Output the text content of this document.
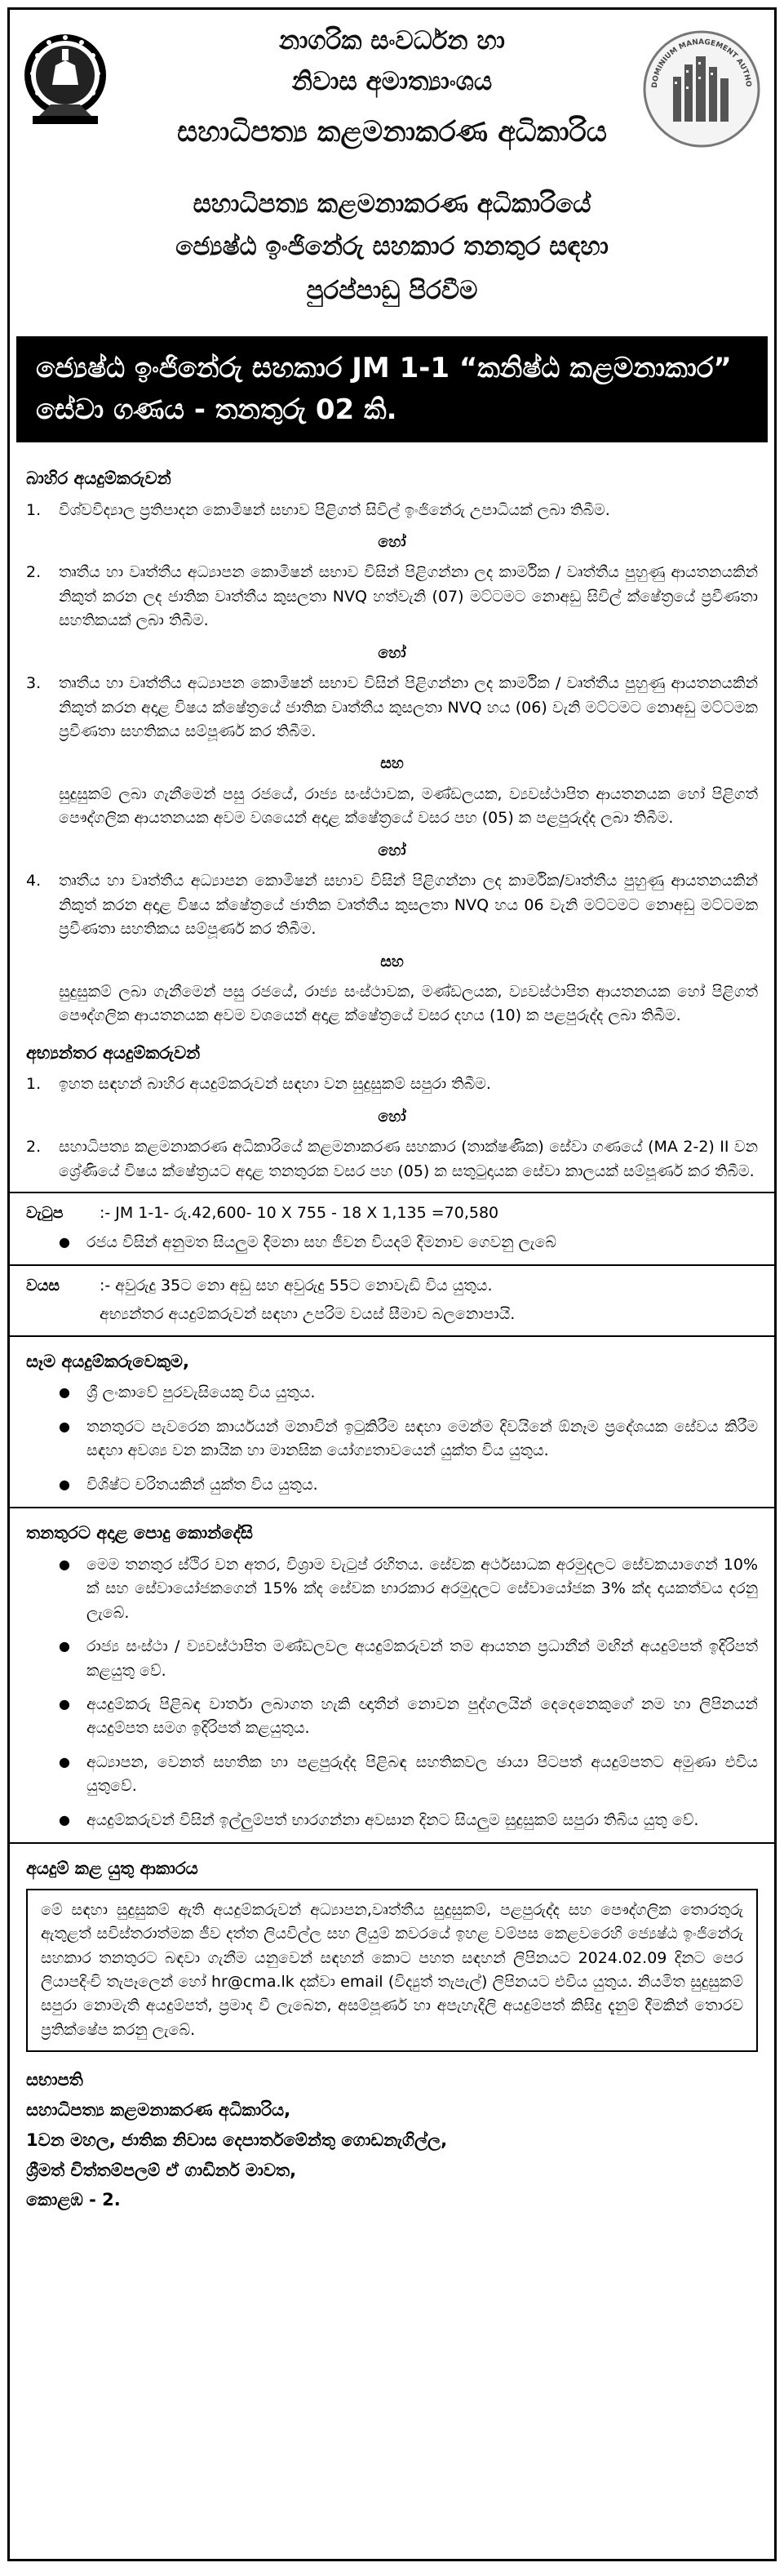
නාගරික සංවර්ධන හා
නිවාස අමාත්‍යාංශය
සහාධිපත්‍ය කළමනාකරණ අධිකාරිය
DOMINIUM MANAGEMENT AUTHO
සහාධිපත්‍ය කළමනාකරණ අධිකාරියේ
ජ්‍යෙෂ්ඨ ඉංජිනේරු සහකාර තනතුර සඳහා
පුරප්පාඩු පිරවීම
ජ්‍යෙෂ්ඨ ඉංජිනේරු සහකාර JM 1-1 “කනිෂ්ඨ කළමනාකාර”
සේවා ගණය - තනතුරු 02 කි.
බාහිර අයදුම්කරුවන්
1.	විශ්වවිද්‍යාල ප්‍රතිපාදන කොමිෂන් සභාව පිළිගත් සිවිල් ඉංජිනේරු උපාධියක් ලබා තිබීම.
හෝ
2.	තෘතීය හා වෘත්තීය අධ්‍යාපන කොමිෂන් සභාව විසින් පිළිගන්නා ලද කාර්මික / වෘත්තීය පුහුණු ආයතනයකින් නිකුත් කරන ලද ජාතික වෘත්තීය කුසලතා NVQ හත්වැනි (07) මට්ටමට නොඅඩු සිවිල් ක්ෂේත්‍රයේ ප්‍රවීණතා සහතිකයක් ලබා තිබීම.
හෝ
3.	තෘතීය හා වෘත්තීය අධ්‍යාපන කොමිෂන් සභාව විසින් පිළිගන්නා ලද කාර්මික / වෘත්තීය පුහුණු ආයතනයකින් නිකුත් කරන අදාළ විෂය ක්ෂේත්‍රයේ ජාතික වෘත්තීය කුසලතා NVQ හය (06) වැනි මට්ටමට නොඅඩු මට්ටමක ප්‍රවීණතා සහතිකය සම්පූර්ණ කර තිබීම.
සහ
සුදුසුකම් ලබා ගැනීමෙන් පසු රජයේ, රාජ්‍ය සංස්ථාවක, මණ්ඩලයක, ව්‍යවස්ථාපිත ආයතනයක හෝ පිළිගත් පෞද්ගලික ආයතනයක අවම වශයෙන් අදාළ ක්ෂේත්‍රයේ වසර පහ (05) ක පළපුරුද්ද ලබා තිබීම.
හෝ
4.	තෘතීය හා වෘත්තීය අධ්‍යාපන කොමිෂන් සභාව විසින් පිළිගන්නා ලද කාර්මික/වෘත්තීය පුහුණු ආයතනයකින් නිකුත් කරන අදාළ විෂය ක්ෂේත්‍රයේ ජාතික වෘත්තීය කුසලතා NVQ හය 06 වැනි මට්ටමට නොඅඩු මට්ටමක ප්‍රවීණතා සහතිකය සම්පූර්ණ කර තිබීම.
සහ
සුදුසුකම් ලබා ගැනීමෙන් පසු රජයේ, රාජ්‍ය සංස්ථාවක, මණ්ඩලයක, ව්‍යවස්ථාපිත ආයතනයක හෝ පිළිගත් පෞද්ගලික ආයතනයක අවම වශයෙන් අදාළ ක්ෂේත්‍රයේ වසර දහය (10) ක පළපුරුද්ද ලබා තිබීම.
අභ්‍යන්තර අයදුම්කරුවන්
1.	ඉහත සඳහන් බාහිර අයදුම්කරුවන් සඳහා වන සුදුසුකම් සපුරා තිබීම.
හෝ
2.	සහාධිපත්‍ය කළමනාකරණ අධිකාරියේ කළමනාකරණ සහකාර (තාක්ෂණික) සේවා ගණයේ (MA 2-2) II වන ශ්‍රේණියේ විෂය ක්ෂේත්‍රයට අදාළ තනතුරක වසර පහ (05) ක සතුටුදායක සේවා කාලයක් සම්පූර්ණ කර තිබීම.
වැටුප	:- JM 1-1- රු.42,600- 10 X 755 - 18 X 1,135 =70,580
●	රජය විසින් අනුමත සියලුම දීමනා සහ ජීවන වියදම් දීමනාව ගෙවනු ලැබේ
වයස	:- අවුරුදු 35ට නො අඩු සහ අවුරුදු 55ට නොවැඩි විය යුතුය.
අභ්‍යන්තර අයදුම්කරුවන් සඳහා උපරිම වයස් සීමාව බලනොපායි.
සෑම අයදුම්කරුවෙකුම,
●	ශ්‍රී ලංකාවේ පුරවැසියෙකු විය යුතුය.
●	තනතුරට පැවරෙන කාර්යයන් මනාවින් ඉටුකිරීම සඳහා මෙන්ම දිවයිනේ ඕනෑම ප්‍රදේශයක සේවය කිරීම සඳහා අවශ්‍ය වන කායික හා මානසික යෝග්‍යතාවයෙන් යුක්ත විය යුතුය.
●	විශිෂ්ට චරිතයකින් යුක්ත විය යුතුය.
තනතුරට අදාළ පොදු කොන්දේසි
●	මෙම තනතුර ස්ථිර වන අතර, විශ්‍රාම වැටුප් රහිතය. සේවක අර්ථසාධක අරමුදලට සේවකයාගෙන් 10% ක් සහ සේවායෝජකගෙන් 15% ක්ද සේවක භාරකාර අරමුදලට සේවායෝජක 3% ක්ද දායකත්වය දරනු ලැබේ.
●	රාජ්‍ය සංස්ථා / ව්‍යවස්ථාපිත මණ්ඩලවල අයදුම්කරුවන් තම ආයතන ප්‍රධානීන් මඟින් අයදුම්පත් ඉදිරිපත් කළයුතු වේ.
●	අයදුම්කරු පිළිබඳ වාර්තා ලබාගත හැකි ඥාතීන් නොවන පුද්ගලයින් දෙදෙනෙකුගේ නම හා ලිපිනයන් අයදුම්පත සමග ඉදිරිපත් කළයුතුය.
●	අධ්‍යාපන, වෙනත් සහතික හා පළපුරුද්ද පිළිබඳ සහතිකවල ඡායා පිටපත් අයදුම්පතට අමුණා එවිය යුතුවේ.
●	අයදුම්කරුවන් විසින් ඉල්ලුම්පත් භාරගන්නා අවසාන දිනට සියලුම සුදුසුකම් සපුරා තිබිය යුතු වේ.
අයදුම් කළ යුතු ආකාරය
මේ සඳහා සුදුසුකම් ඇති අයදුම්කරුවන් අධ්‍යාපන,වෘත්තීය සුදුසුකම්, පළපුරුද්ද සහ පෞද්ගලික තොරතුරු ඇතුළත් සවිස්තරාත්මක ජීව දත්ත ලියවිල්ල සහ ලියුම් කවරයේ ඉහළ වම්පස කෙළවරෙහි ජ්‍යෙෂ්ඨ ඉංජිනේරු සහකාර තනතුරට බඳවා ගැනීම යනුවෙන් සඳහන් කොට පහත සඳහන් ලිපිනයට 2024.02.09 දිනට පෙර ලියාපදිංචි තැපෑලෙන් හෝ hr@cma.lk දක්වා email (විද්‍යුත් තැපැල්) ලිපිනයට එවිය යුතුය. නියමිත සුදුසුකම් සපුරා නොමැති අයදුම්පත්, ප්‍රමාද වී ලැබෙන, අසම්පූර්ණ හා අපැහැදිලි අයදුම්පත් කිසිදු දැනුම් දීමකින් තොරව ප්‍රතික්ෂේප කරනු ලැබේ.
සභාපති
සහාධිපත්‍ය කළමනාකරණ අධිකාරිය,
1වන මහල, ජාතික නිවාස දෙපාර්තමේන්තු ගොඩනැගිල්ල,
ශ්‍රීමත් චිත්තම්පලම් ඒ ගාඩිනර් මාවත,
කොළඹ - 2.
